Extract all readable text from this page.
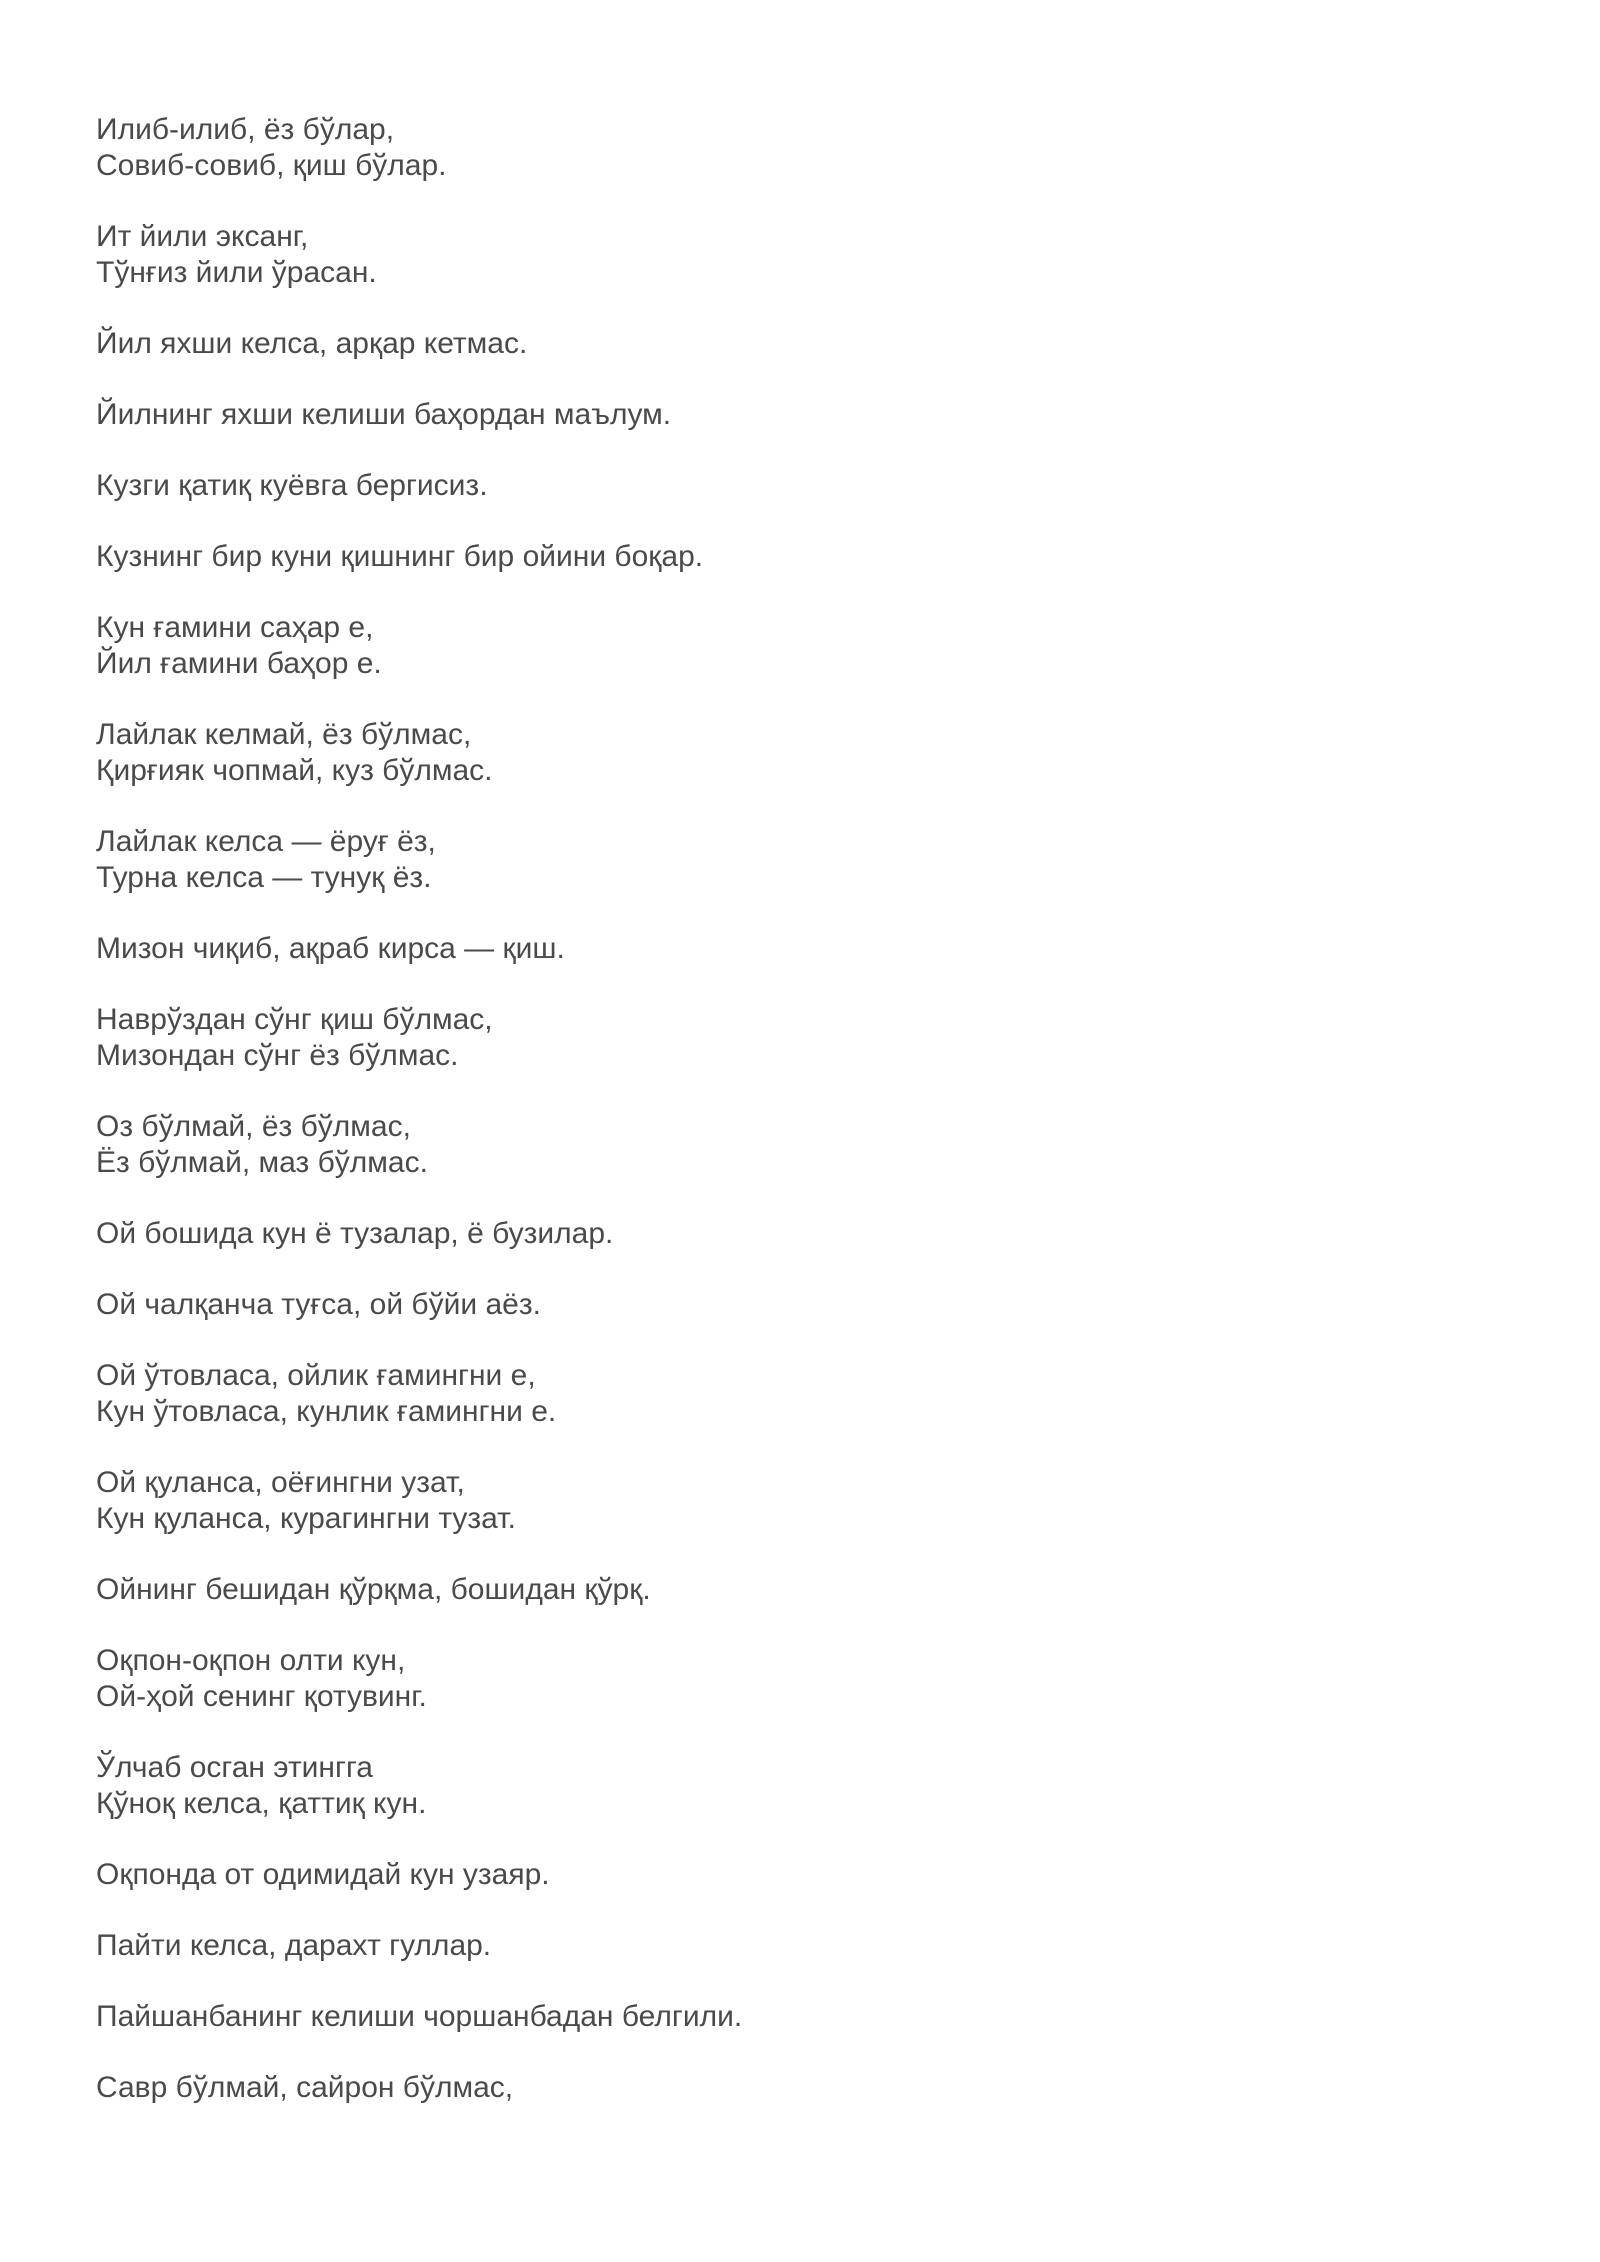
Илиб-илиб, ёз бўлар,
Совиб-совиб, қиш бўлар.
Ит йили эксанг,
Тўнғиз йили ўрасан.
Йил яхши келса, арқар кетмас.
Йилнинг яхши келиши баҳордан маълум.
Кузги қатиқ куёвга бергисиз.
Кузнинг бир куни қишнинг бир ойини боқар.
Кун ғамини саҳар е,
Йил ғамини баҳор е.
Лайлак келмай, ёз бўлмас,
Қирғияк чопмай, куз бўлмас.
Лайлак келса — ёруғ ёз,
Турна келса — тунуқ ёз.
Мизон чиқиб, ақраб кирса — қиш.
Наврўздан сўнг қиш бўлмас,
Мизондан сўнг ёз бўлмас.
Оз бўлмай, ёз бўлмас,
Ёз бўлмай, маз бўлмас.
Ой бошида кун ё тузалар, ё бузилар.
Ой чалқанча туғса, ой бўйи аёз.
Ой ўтовласа, ойлик ғамингни е,
Кун ўтовласа, кунлик ғамингни е.
Ой қуланса, оёғингни узат,
Кун қуланса, курагингни тузат.
Ойнинг бешидан қўрқма, бошидан қўрқ.
Оқпон-оқпон олти кун,
Ой-ҳой сенинг қотувинг.
Ўлчаб осган этингга
Қўноқ келса, қаттиқ кун.
Оқпонда от одимидай кун узаяр.
Пайти келса, дарахт гуллар.
Пайшанбанинг келиши чоршанбадан белгили.
Савр бўлмай, сайрон бўлмас,
